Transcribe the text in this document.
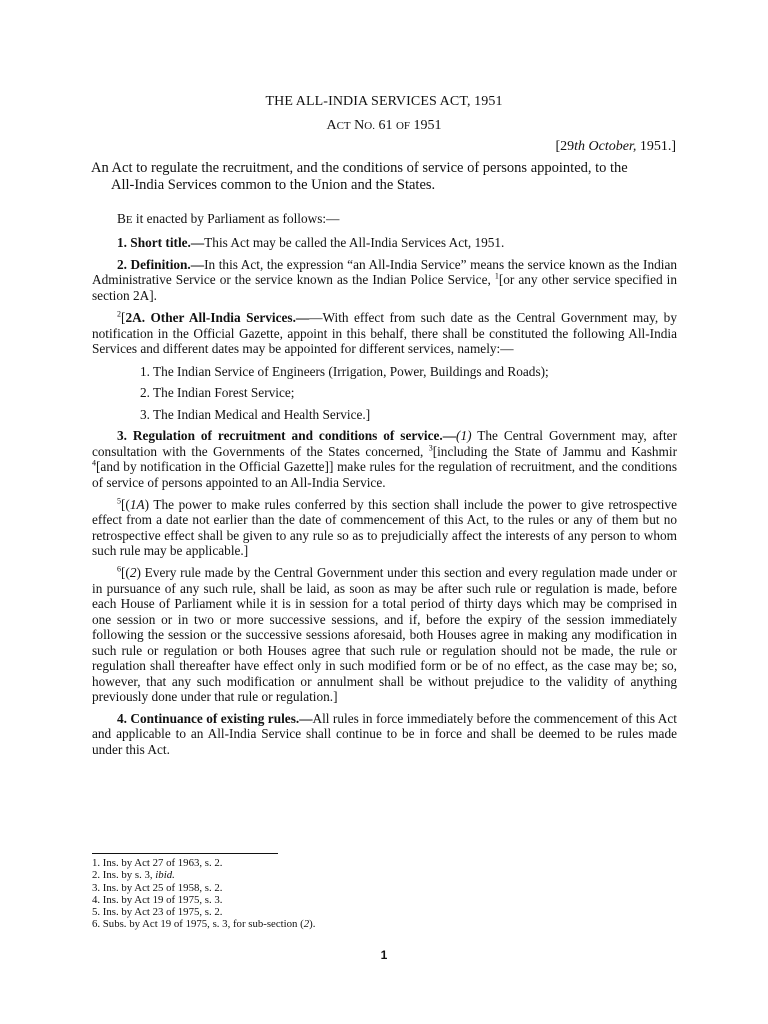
THE ALL-INDIA SERVICES ACT, 1951
ACT NO. 61 OF 1951
[29th October, 1951.]
An Act to regulate the recruitment, and the conditions of service of persons appointed, to the
All-India Services common to the Union and the States.

BE it enacted by Parliament as follows:—

1. Short title.—This Act may be called the All-India Services Act, 1951.

2. Definition.—In this Act, the expression “an All-India Service” means the service known as the Indian Administrative Service or the service known as the Indian Police Service, $^1$[or any other service specified in section 2A].

$^2$[2A. Other All-India Services.——With effect from such date as the Central Government may, by notification in the Official Gazette, appoint in this behalf, there shall be constituted the following All-India Services and different dates may be appointed for different services, namely:—

1. The Indian Service of Engineers (Irrigation, Power, Buildings and Roads);

2. The Indian Forest Service;

3. The Indian Medical and Health Service.]

3. Regulation of recruitment and conditions of service.—(1) The Central Government may, after consultation with the Governments of the States concerned, $^3$[including the State of Jammu and Kashmir $^4$[and by notification in the Official Gazette]] make rules for the regulation of recruitment, and the conditions of service of persons appointed to an All-India Service.

$^5$[(1A) The power to make rules conferred by this section shall include the power to give retrospective effect from a date not earlier than the date of commencement of this Act, to the rules or any of them but no retrospective effect shall be given to any rule so as to prejudicially affect the interests of any person to whom such rule may be applicable.]

$^6$[(2) Every rule made by the Central Government under this section and every regulation made under or in pursuance of any such rule, shall be laid, as soon as may be after such rule or regulation is made, before each House of Parliament while it is in session for a total period of thirty days which may be comprised in one session or in two or more successive sessions, and if, before the expiry of the session immediately following the session or the successive sessions aforesaid, both Houses agree in making any modification in such rule or regulation or both Houses agree that such rule or regulation should not be made, the rule or regulation shall thereafter have effect only in such modified form or be of no effect, as the case may be; so, however, that any such modification or annulment shall be without prejudice to the validity of anything previously done under that rule or regulation.]

4. Continuance of existing rules.—All rules in force immediately before the commencement of this Act and applicable to an All-India Service shall continue to be in force and shall be deemed to be rules made under this Act.

1. Ins. by Act 27 of 1963, s. 2.
2. Ins. by s. 3, ibid.
3. Ins. by Act 25 of 1958, s. 2.
4. Ins. by Act 19 of 1975, s. 3.
5. Ins. by Act 23 of 1975, s. 2.
6. Subs. by Act 19 of 1975, s. 3, for sub-section (2).
1
